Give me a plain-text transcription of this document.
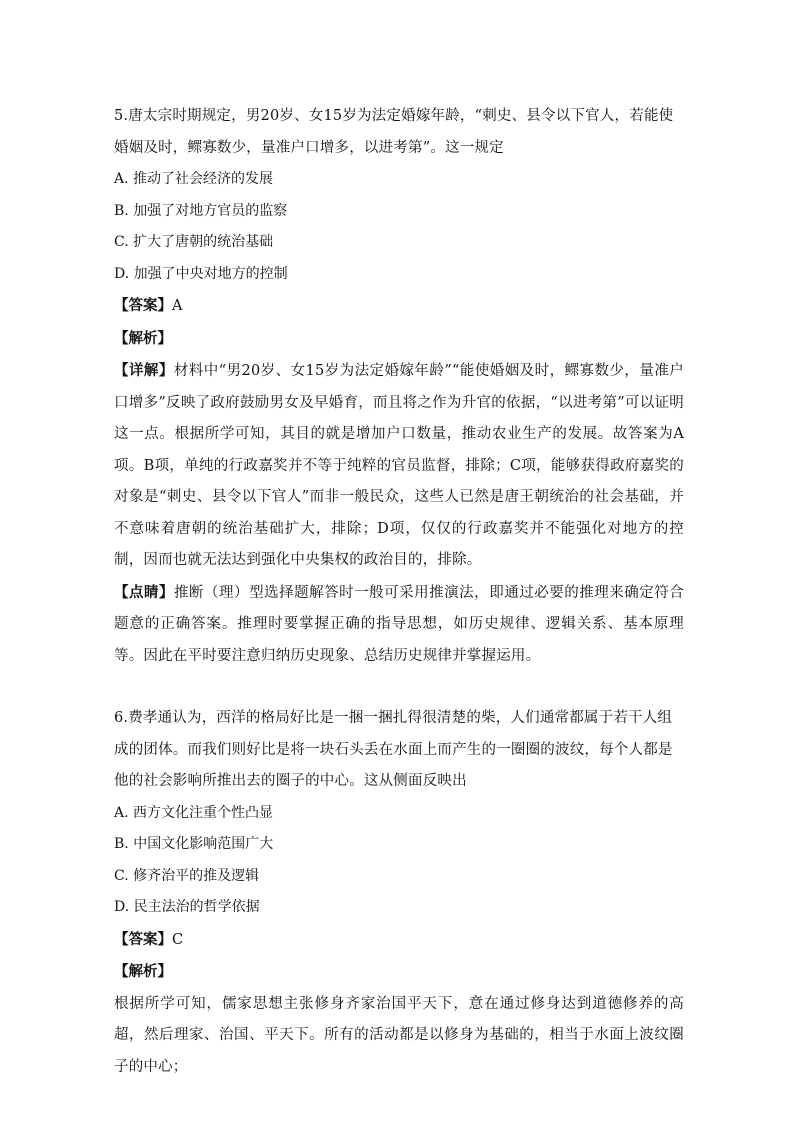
5.唐太宗时期规定，男20岁、女15岁为法定婚嫁年龄，“刺史、县令以下官人，若能使婚姻及时，鳏寡数少，量准户口增多，以进考第”。这一规定

A. 推动了社会经济的发展

B. 加强了对地方官员的监察

C. 扩大了唐朝的统治基础

D. 加强了中央对地方的控制

【答案】A

【解析】

【详解】材料中“男20岁、女15岁为法定婚嫁年龄”“能使婚姻及时，鳏寡数少，量准户口增多”反映了政府鼓励男女及早婚育，而且将之作为升官的依据，“以进考第”可以证明这一点。根据所学可知，其目的就是增加户口数量，推动农业生产的发展。故答案为A项。B项，单纯的行政嘉奖并不等于纯粹的官员监督，排除；C项，能够获得政府嘉奖的对象是“刺史、县令以下官人”而非一般民众，这些人已然是唐王朝统治的社会基础，并不意味着唐朝的统治基础扩大，排除；D项，仅仅的行政嘉奖并不能强化对地方的控制，因而也就无法达到强化中央集权的政治目的，排除。

【点睛】推断（理）型选择题解答时一般可采用推演法，即通过必要的推理来确定符合题意的正确答案。推理时要掌握正确的指导思想，如历史规律、逻辑关系、基本原理等。因此在平时要注意归纳历史现象、总结历史规律并掌握运用。

6.费孝通认为，西洋的格局好比是一捆一捆扎得很清楚的柴，人们通常都属于若干人组成的团体。而我们则好比是将一块石头丢在水面上而产生的一圈圈的波纹，每个人都是他的社会影响所推出去的圈子的中心。这从侧面反映出

A. 西方文化注重个性凸显

B. 中国文化影响范围广大

C. 修齐治平的推及逻辑

D. 民主法治的哲学依据

【答案】C

【解析】

根据所学可知，儒家思想主张修身齐家治国平天下，意在通过修身达到道德修养的高超，然后理家、治国、平天下。所有的活动都是以修身为基础的，相当于水面上波纹圈子的中心；
